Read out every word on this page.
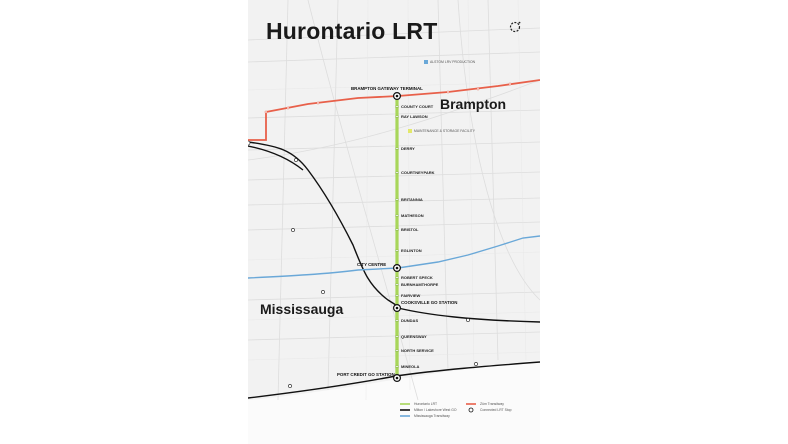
Hurontario LRT
Brampton
Mississauga
ALSTOM LRV PRODUCTION
MAINTENANCE & STORAGE FACILITY
BRAMPTON GATEWAY TERMINAL
CITY CENTRE
COOKSVILLE GO STATION
PORT CREDIT GO STATION
COUNTY COURT
RAY LAWSON
DERRY
COURTNEYPARK
BRITANNIA
MATHESON
BRISTOL
EGLINTON
ROBERT SPECK
BURNHAMTHORPE
FAIRVIEW
DUNDAS
QUEENSWAY
NORTH SERVICE
MINEOLA
Hurontario LRT
Milton / Lakeshore West GO
Mississauga Transitway
Züm Transitway
Connected LRT Stop
